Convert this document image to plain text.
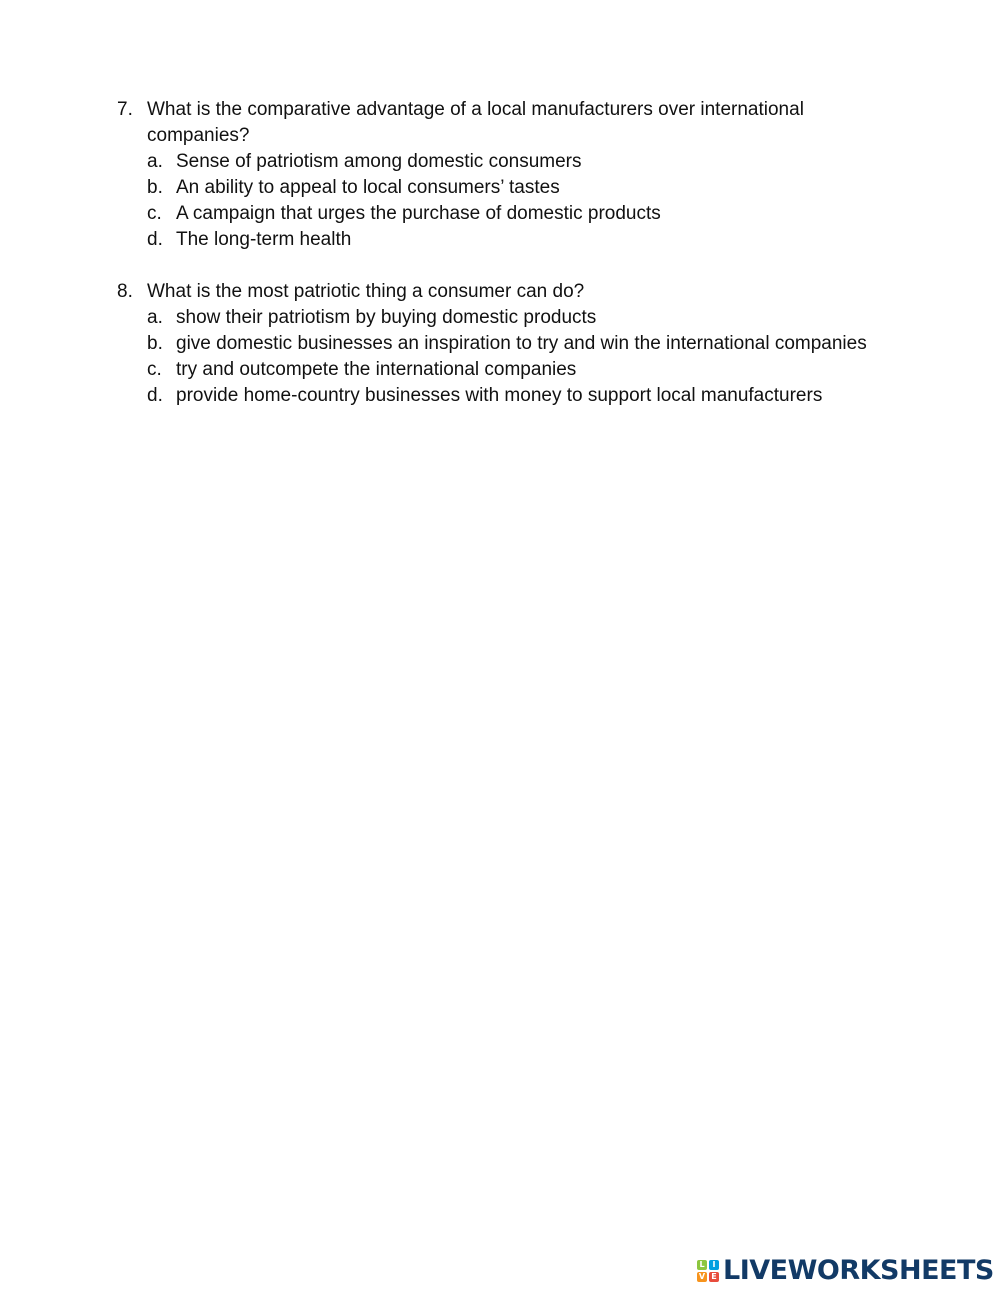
7. What is the comparative advantage of a local manufacturers over international companies?
a. Sense of patriotism among domestic consumers
b. An ability to appeal to local consumers’ tastes
c. A campaign that urges the purchase of domestic products
d. The long-term health
8. What is the most patriotic thing a consumer can do?
a. show their patriotism by buying domestic products
b. give domestic businesses an inspiration to try and win the international companies
c. try and outcompete the international companies
d. provide home-country businesses with money to support local manufacturers
L I
V E LIVEWORKSHEETS
